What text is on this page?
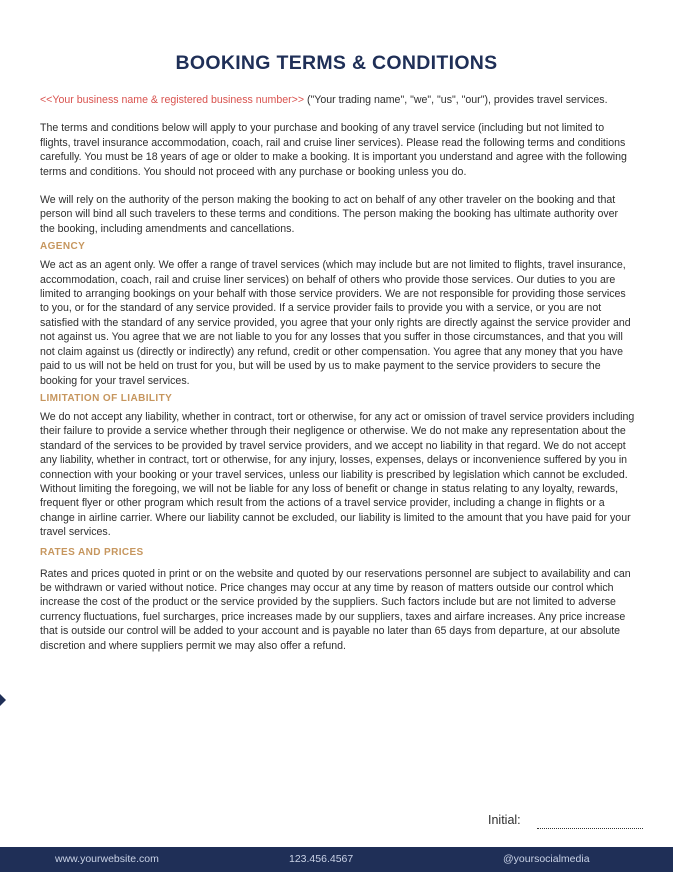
BOOKING TERMS & CONDITIONS

<<Your business name & registered business number>> ("Your trading name", "we", "us", "our"), provides travel services.

The terms and conditions below will apply to your purchase and booking of any travel service (including but not limited to flights, travel insurance accommodation, coach, rail and cruise liner services). Please read the following terms and conditions carefully. You must be 18 years of age or older to make a booking. It is important you understand and agree with the following terms and conditions. You should not proceed with any purchase or booking unless you do.

We will rely on the authority of the person making the booking to act on behalf of any other traveler on the booking and that person will bind all such travelers to these terms and conditions. The person making the booking has ultimate authority over the booking, including amendments and cancellations.

AGENCY

We act as an agent only. We offer a range of travel services (which may include but are not limited to flights, travel insurance, accommodation, coach, rail and cruise liner services) on behalf of others who provide those services. Our duties to you are limited to arranging bookings on your behalf with those service providers. We are not responsible for providing those services to you, or for the standard of any service provided. If a service provider fails to provide you with a service, or you are not satisfied with the standard of any service provided, you agree that your only rights are directly against the service provider and not against us. You agree that we are not liable to you for any losses that you suffer in those circumstances, and that you will not claim against us (directly or indirectly) any refund, credit or other compensation. You agree that any money that you have paid to us will not be held on trust for you, but will be used by us to make payment to the service providers to secure the booking for your travel services.

LIMITATION OF LIABILITY

We do not accept any liability, whether in contract, tort or otherwise, for any act or omission of travel service providers including their failure to provide a service whether through their negligence or otherwise. We do not make any representation about the standard of the services to be provided by travel service providers, and we accept no liability in that regard. We do not accept any liability, whether in contract, tort or otherwise, for any injury, losses, expenses, delays or inconvenience suffered by you in connection with your booking or your travel services, unless our liability is prescribed by legislation which cannot be excluded. Without limiting the foregoing, we will not be liable for any loss of benefit or change in status relating to any loyalty, rewards, frequent flyer or other program which result from the actions of a travel service provider, including a change in flights or a change in airline carrier. Where our liability cannot be excluded, our liability is limited to the amount that you have paid for your travel services.

RATES AND PRICES

Rates and prices quoted in print or on the website and quoted by our reservations personnel are subject to availability and can be withdrawn or varied without notice. Price changes may occur at any time by reason of matters outside our control which increase the cost of the product or the service provided by the suppliers. Such factors include but are not limited to adverse currency fluctuations, fuel surcharges, price increases made by our suppliers, taxes and airfare increases. Any price increase that is outside our control will be added to your account and is payable no later than 65 days from departure, at our absolute discretion and where suppliers permit we may also offer a refund.

Initial:
www.yourwebsite.com	123.456.4567	@yoursocialmedia
